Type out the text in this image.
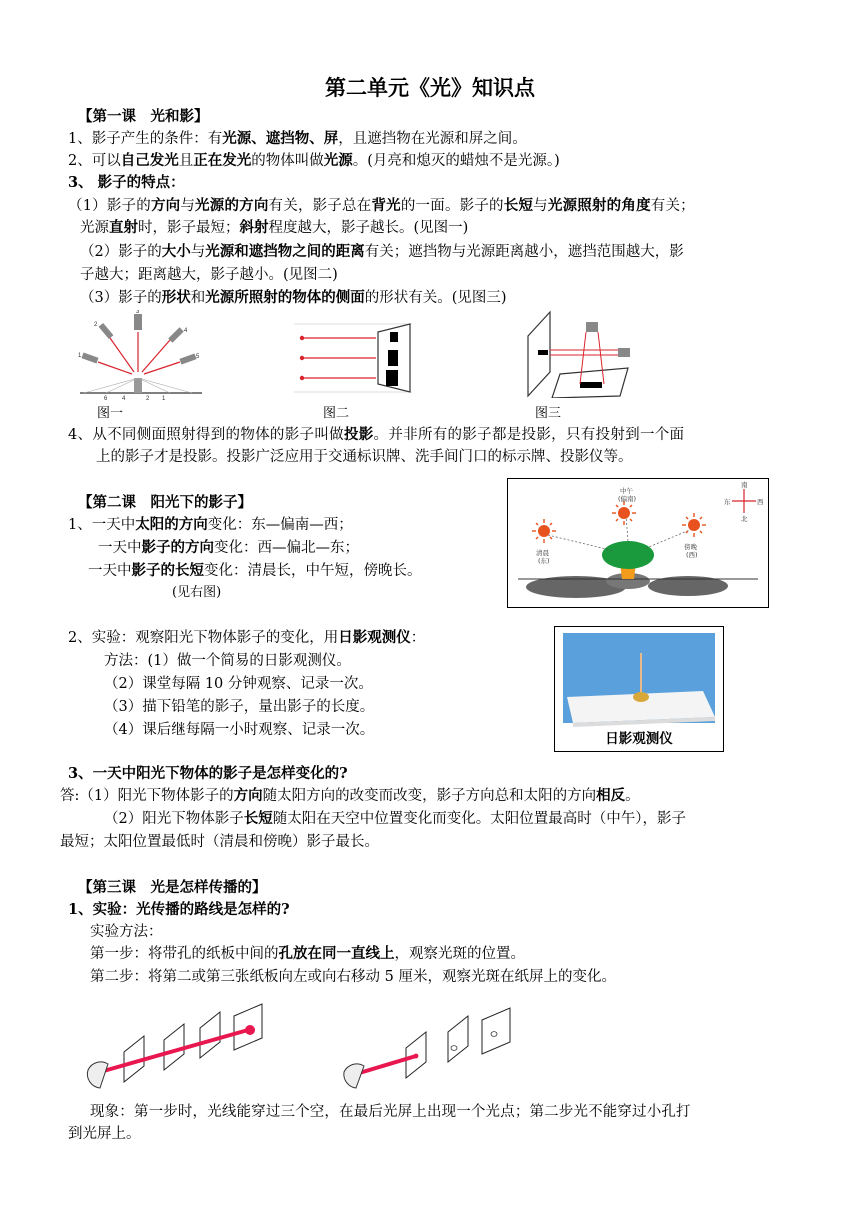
第二单元《光》知识点
【第一课　光和影】
1、影子产生的条件：有光源、遮挡物、屏，且遮挡物在光源和屏之间。
2、可以自己发光且正在发光的物体叫做光源。(月亮和熄灭的蜡烛不是光源。)
3、 影子的特点：
（1）影子的方向与光源的方向有关，影子总在背光的一面。影子的长短与光源照射的角度有关；
光源直射时，影子最短；斜射程度越大，影子越长。(见图一)
（2）影子的大小与光源和遮挡物之间的距离有关；遮挡物与光源距离越小，遮挡范围越大，影
子越大；距离越大，影子越小。(见图二)
（3）影子的形状和光源所照射的物体的侧面的形状有关。(见图三)
1
2
3
4
5
6 4	2 1
图一	图二	图三
4、从不同侧面照射得到的物体的影子叫做投影。并非所有的影子都是投影，只有投射到一个面
上的影子才是投影。投影广泛应用于交通标识牌、洗手间门口的标示牌、投影仪等。
【第二课　阳光下的影子】
1、一天中太阳的方向变化：东—偏南—西；
一天中影子的方向变化：西—偏北—东；
一天中影子的长短变化：清晨长，中午短，傍晚长。
(见右图)
中午
(偏南)
清晨
(东)
傍晚
(西)
东	西
北
南
2、实验：观察阳光下物体影子的变化，用日影观测仪：
方法：(1）做一个简易的日影观测仪。
（2）课堂每隔 10 分钟观察、记录一次。
（3）描下铅笔的影子，量出影子的长度。
（4）课后继每隔一小时观察、记录一次。
日影观测仪
3、一天中阳光下物体的影子是怎样变化的?
答:（1）阳光下物体影子的方向随太阳方向的改变而改变，影子方向总和太阳的方向相反。
（2）阳光下物体影子长短随太阳在天空中位置变化而变化。太阳位置最高时（中午），影子
最短；太阳位置最低时（清晨和傍晚）影子最长。
【第三课　光是怎样传播的】
1、实验：光传播的路线是怎样的?
实验方法：
第一步：将带孔的纸板中间的孔放在同一直线上，观察光斑的位置。
第二步：将第二或第三张纸板向左或向右移动 5 厘米，观察光斑在纸屏上的变化。
现象：第一步时，光线能穿过三个空，在最后光屏上出现一个光点；第二步光不能穿过小孔打
到光屏上。
